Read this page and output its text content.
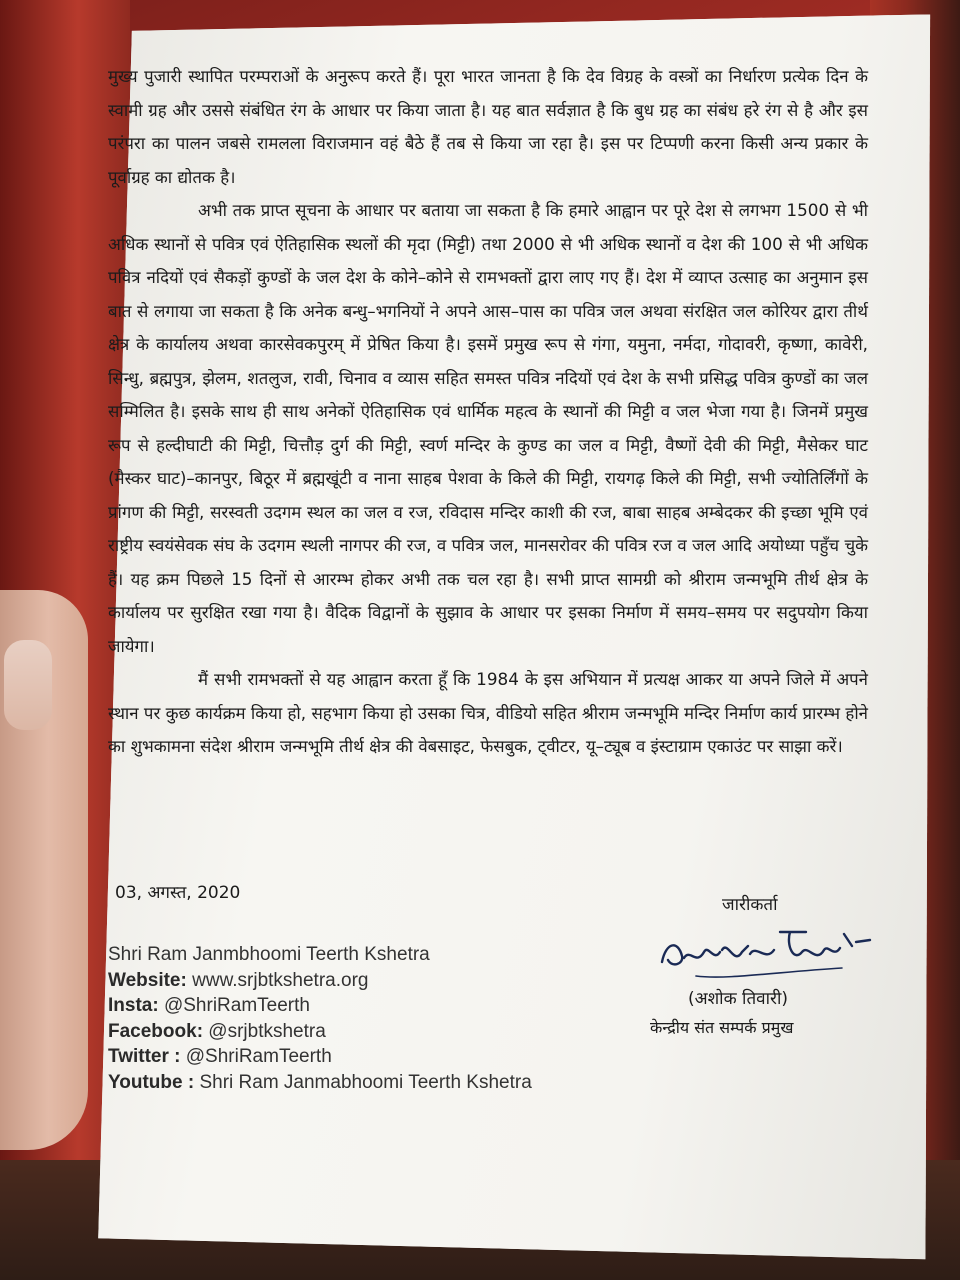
मुख्य पुजारी स्थापित परम्पराओं के अनुरूप करते हैं। पूरा भारत जानता है कि देव विग्रह के वस्त्रों का निर्धारण प्रत्येक दिन के स्वामी ग्रह और उससे संबंधित रंग के आधार पर किया जाता है। यह बात सर्वज्ञात है कि बुध ग्रह का संबंध हरे रंग से है और इस परंपरा का पालन जबसे रामलला विराजमान वहं बैठे हैं तब से किया जा रहा है। इस पर टिप्पणी करना किसी अन्य प्रकार के पूर्वाग्रह का द्योतक है।

अभी तक प्राप्त सूचना के आधार पर बताया जा सकता है कि हमारे आह्वान पर पूरे देश से लगभग 1500 से भी अधिक स्थानों से पवित्र एवं ऐतिहासिक स्थलों की मृदा (मिट्टी) तथा 2000 से भी अधिक स्थानों व देश की 100 से भी अधिक पवित्र नदियों एवं सैकड़ों कुण्डों के जल देश के कोने–कोने से रामभक्तों द्वारा लाए गए हैं। देश में व्याप्त उत्साह का अनुमान इस बात से लगाया जा सकता है कि अनेक बन्धु–भगनियों ने अपने आस–पास का पवित्र जल अथवा संरक्षित जल कोरियर द्वारा तीर्थ क्षेत्र के कार्यालय अथवा कारसेवकपुरम् में प्रेषित किया है। इसमें प्रमुख रूप से गंगा, यमुना, नर्मदा, गोदावरी, कृष्णा, कावेरी, सिन्धु, ब्रह्मपुत्र, झेलम, शतलुज, रावी, चिनाव व व्यास सहित समस्त पवित्र नदियों एवं देश के सभी प्रसिद्ध पवित्र कुण्डों का जल सम्मिलित है। इसके साथ ही साथ अनेकों ऐतिहासिक एवं धार्मिक महत्व के स्थानों की मिट्टी व जल भेजा गया है। जिनमें प्रमुख रूप से हल्दीघाटी की मिट्टी, चित्तौड़ दुर्ग की मिट्टी, स्वर्ण मन्दिर के कुण्ड का जल व मिट्टी, वैष्णों देवी की मिट्टी, मैसेकर घाट (मैस्कर घाट)–कानपुर, बिठूर में ब्रह्मखूंटी व नाना साहब पेशवा के किले की मिट्टी, रायगढ़ किले की मिट्टी, सभी ज्योतिर्लिंगों के प्रांगण की मिट्टी, सरस्वती उदगम स्थल का जल व रज, रविदास मन्दिर काशी की रज, बाबा साहब अम्बेदकर की इच्छा भूमि एवं राष्ट्रीय स्वयंसेवक संघ के उदगम स्थली नागपर की रज, व पवित्र जल, मानसरोवर की पवित्र रज व जल आदि अयोध्या पहुँच चुके हैं। यह क्रम पिछले 15 दिनों से आरम्भ होकर अभी तक चल रहा है। सभी प्राप्त सामग्री को श्रीराम जन्मभूमि तीर्थ क्षेत्र के कार्यालय पर सुरक्षित रखा गया है। वैदिक विद्वानों के सुझाव के आधार पर इसका निर्माण में समय–समय पर सदुपयोग किया जायेगा।

मैं सभी रामभक्तों से यह आह्वान करता हूँ कि 1984 के इस अभियान में प्रत्यक्ष आकर या अपने जिले में अपने स्थान पर कुछ कार्यक्रम किया हो, सहभाग किया हो उसका चित्र, वीडियो सहित श्रीराम जन्मभूमि मन्दिर निर्माण कार्य प्रारम्भ होने का शुभकामना संदेश श्रीराम जन्मभूमि तीर्थ क्षेत्र की वेबसाइट, फेसबुक, ट्वीटर, यू–ट्यूब व इंस्टाग्राम एकाउंट पर साझा करें।

03, अगस्त, 2020
जारीकर्ता
(अशोक तिवारी)
केन्द्रीय संत सम्पर्क प्रमुख
Shri Ram Janmbhoomi Teerth Kshetra
Website: www.srjbtkshetra.org
Insta: @ShriRamTeerth
Facebook: @srjbtkshetra
Twitter : @ShriRamTeerth
Youtube : Shri Ram Janmabhoomi Teerth Kshetra
